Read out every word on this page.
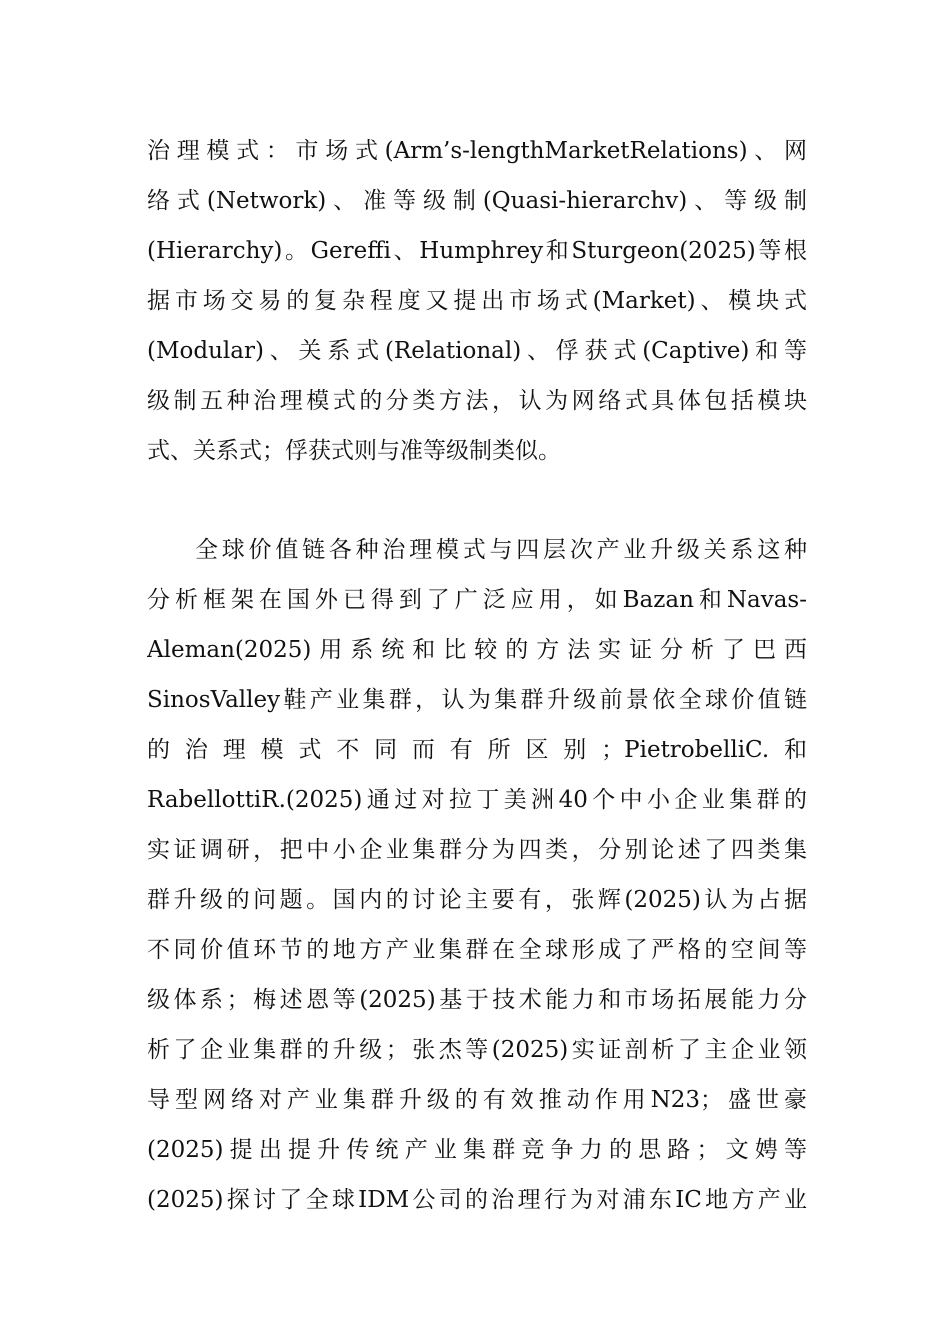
治理模式：市场式(Arm’s-lengthMarketRelations)、网
络式(Network)、准等级制(Quasi-hierarchv)、等级制
(Hierarchy)。Gereffi、Humphrey和Sturgeon(2025)等根
据市场交易的复杂程度又提出市场式(Market)、模块式
(Modular)、关系式(Relational)、俘获式(Captive)和等
级制五种治理模式的分类方法，认为网络式具体包括模块
式、关系式；俘获式则与准等级制类似。
全球价值链各种治理模式与四层次产业升级关系这种
分析框架在国外已得到了广泛应用，如Bazan和Navas-
Aleman(2025)用系统和比较的方法实证分析了巴西
SinosValley鞋产业集群，认为集群升级前景依全球价值链
的治理模式不同而有所区别；PietrobelliC.和
RabellottiR.(2025)通过对拉丁美洲40个中小企业集群的
实证调研，把中小企业集群分为四类，分别论述了四类集
群升级的问题。国内的讨论主要有，张辉(2025)认为占据
不同价值环节的地方产业集群在全球形成了严格的空间等
级体系；梅述恩等(2025)基于技术能力和市场拓展能力分
析了企业集群的升级；张杰等(2025)实证剖析了主企业领
导型网络对产业集群升级的有效推动作用N23；盛世豪
(2025)提出提升传统产业集群竞争力的思路；文娉等
(2025)探讨了全球IDM公司的治理行为对浦东IC地方产业
